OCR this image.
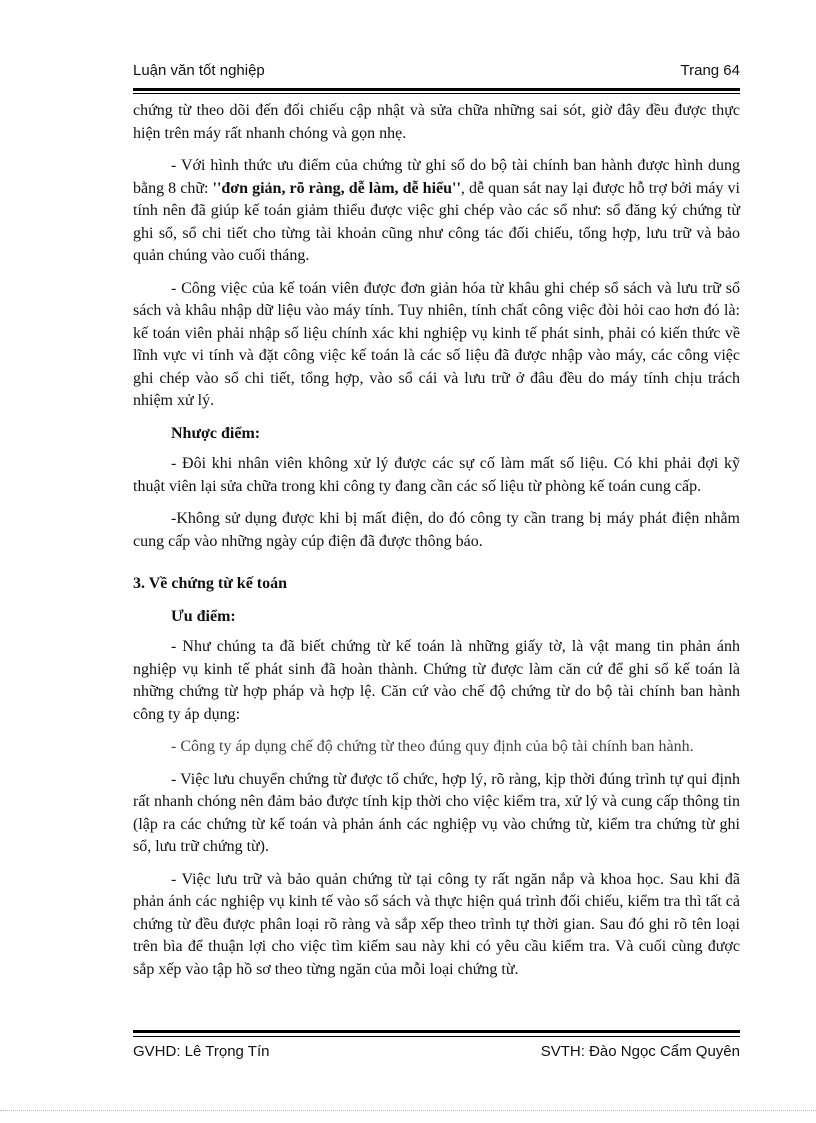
Luận văn tốt nghiệp	Trang 64

chứng từ theo dõi đến đối chiếu cập nhật và sửa chữa những sai sót, giờ đây đều được thực hiện trên máy rất nhanh chóng và gọn nhẹ.

- Với hình thức ưu điểm của chứng từ ghi sổ do bộ tài chính ban hành được hình dung bằng 8 chữ: ''đơn giản, rõ ràng, dễ làm, dễ hiểu'', dễ quan sát nay lại được hỗ trợ bởi máy vi tính nên đã giúp kế toán giảm thiểu được việc ghi chép vào các sổ như: sổ đăng ký chứng từ ghi sổ, sổ chi tiết cho từng tài khoản cũng như công tác đối chiếu, tổng hợp, lưu trữ và bảo quản chúng vào cuối tháng.

- Công việc của kế toán viên được đơn giản hóa từ khâu ghi chép sổ sách và lưu trữ sổ sách và khâu nhập dữ liệu vào máy tính. Tuy nhiên, tính chất công việc đòi hỏi cao hơn đó là: kế toán viên phải nhập số liệu chính xác khi nghiệp vụ kinh tế phát sinh, phải có kiến thức về lĩnh vực vi tính và đặt công việc kế toán là các số liệu đã được nhập vào máy, các công việc ghi chép vào sổ chi tiết, tổng hợp, vào sổ cái và lưu trữ ở đâu đều do máy tính chịu trách nhiệm xử lý.

Nhược điểm:

- Đôi khi nhân viên không xử lý được các sự cố làm mất số liệu. Có khi phải đợi kỹ thuật viên lại sửa chữa trong khi công ty đang cần các số liệu từ phòng kế toán cung cấp.

-Không sử dụng được khi bị mất điện, do đó công ty cần trang bị máy phát điện nhằm cung cấp vào những ngày cúp điện đã được thông báo.

3. Về chứng từ kế toán
Ưu điểm:

- Như chúng ta đã biết chứng từ kế toán là những giấy tờ, là vật mang tin phản ánh nghiệp vụ kinh tế phát sinh đã hoàn thành. Chứng từ được làm căn cứ để ghi sổ kế toán là những chứng từ hợp pháp và hợp lệ. Căn cứ vào chế độ chứng từ do bộ tài chính ban hành công ty áp dụng:

- Công ty áp dụng chế độ chứng từ theo đúng quy định của bộ tài chính ban hành.

- Việc lưu chuyển chứng từ được tổ chức, hợp lý, rõ ràng, kịp thời đúng trình tự qui định rất nhanh chóng nên đảm bảo được tính kịp thời cho việc kiểm tra, xử lý và cung cấp thông tin (lập ra các chứng từ kế toán và phản ánh các nghiệp vụ vào chứng từ, kiểm tra chứng từ ghi sổ, lưu trữ chứng từ).

- Việc lưu trữ và bảo quản chứng từ tại công ty rất ngăn nắp và khoa học. Sau khi đã phản ánh các nghiệp vụ kinh tế vào sổ sách và thực hiện quá trình đối chiếu, kiểm tra thì tất cả chứng từ đều được phân loại rõ ràng và sắp xếp theo trình tự thời gian. Sau đó ghi rõ tên loại trên bìa để thuận lợi cho việc tìm kiếm sau này khi có yêu cầu kiểm tra. Và cuối cùng được sắp xếp vào tập hồ sơ theo từng ngăn của mỗi loại chứng từ.

GVHD: Lê Trọng Tín	SVTH: Đào Ngọc Cẩm Quyên
